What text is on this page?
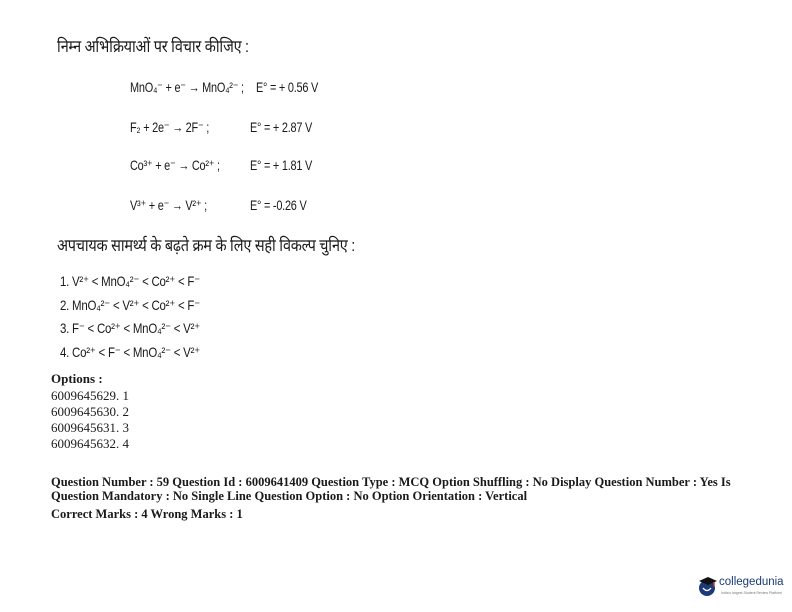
निम्न अभिक्रियाओं पर विचार कीजिए :
MnO₄⁻ + e⁻ → MnO₄²⁻ ; E° = + 0.56 V
F₂ + 2e⁻ → 2F⁻ ;	E° = + 2.87 V
Co³⁺ + e⁻ → Co²⁺ ; E° = + 1.81 V
V³⁺ + e⁻ → V²⁺ ;	E° = -0.26 V
अपचायक सामर्थ्य के बढ़ते क्रम के लिए सही विकल्प चुनिए :
1. V²⁺ < MnO₄²⁻ < Co²⁺ < F⁻
2. MnO₄²⁻ < V²⁺ < Co²⁺ < F⁻
3. F⁻ < Co²⁺ < MnO₄²⁻ < V²⁺
4. Co²⁺ < F⁻ < MnO₄²⁻ < V²⁺
Options :
6009645629. 1
6009645630. 2
6009645631. 3
6009645632. 4
Question Number : 59 Question Id : 6009641409 Question Type : MCQ Option Shuffling : No Display Question Number : Yes Is
Question Mandatory : No Single Line Question Option : No Option Orientation : Vertical
Correct Marks : 4 Wrong Marks : 1
collegedunia
India's largest Student Review Platform
